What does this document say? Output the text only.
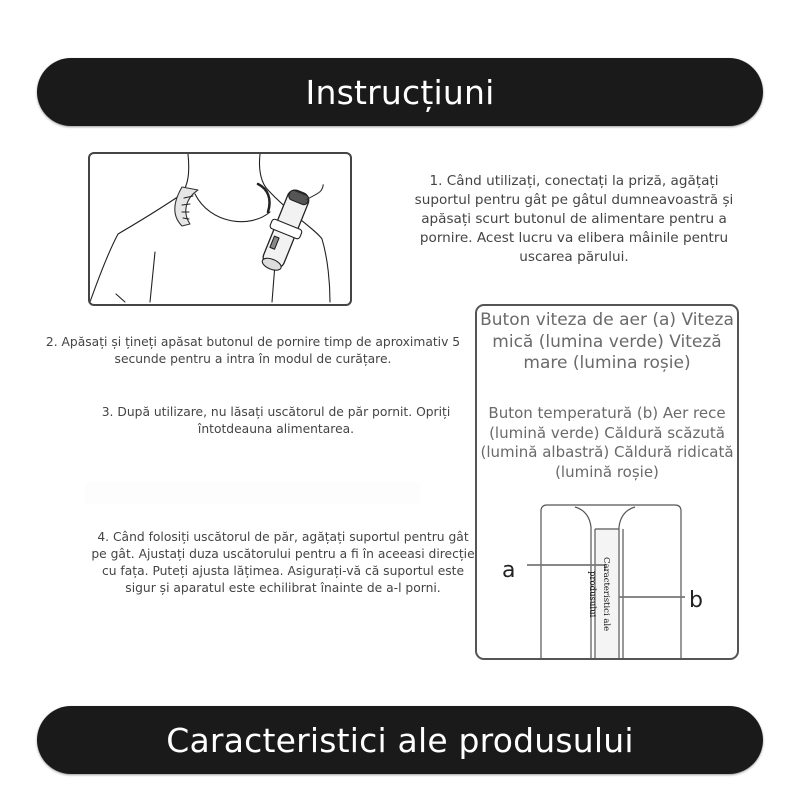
Instrucțiuni
1. Când utilizați, conectați la priză, agățați suportul pentru gât pe gâtul dumneavoastră și apăsați scurt butonul de alimentare pentru a pornire. Acest lucru va elibera mâinile pentru uscarea părului.
2. Apăsați și țineți apăsat butonul de pornire timp de aproximativ 5 secunde pentru a intra în modul de curățare.
3. După utilizare, nu lăsați uscătorul de păr pornit. Opriți întotdeauna alimentarea.
4. Când folosiți uscătorul de păr, agățați suportul pentru gât pe gât. Ajustați duza uscătorului pentru a fi în aceeasi direcție cu fața. Puteți ajusta lățimea. Asigurați-vă că suportul este sigur și aparatul este echilibrat înainte de a-l porni.
Buton viteza de aer (a) Viteza mică (lumina verde) Viteză mare (lumina roșie)
Buton temperatură (b) Aer rece (lumină verde) Căldură scăzută (lumină albastră) Căldură ridicată (lumină roșie)
Caracteristici ale produsului
a
b
Caracteristici ale produsului
